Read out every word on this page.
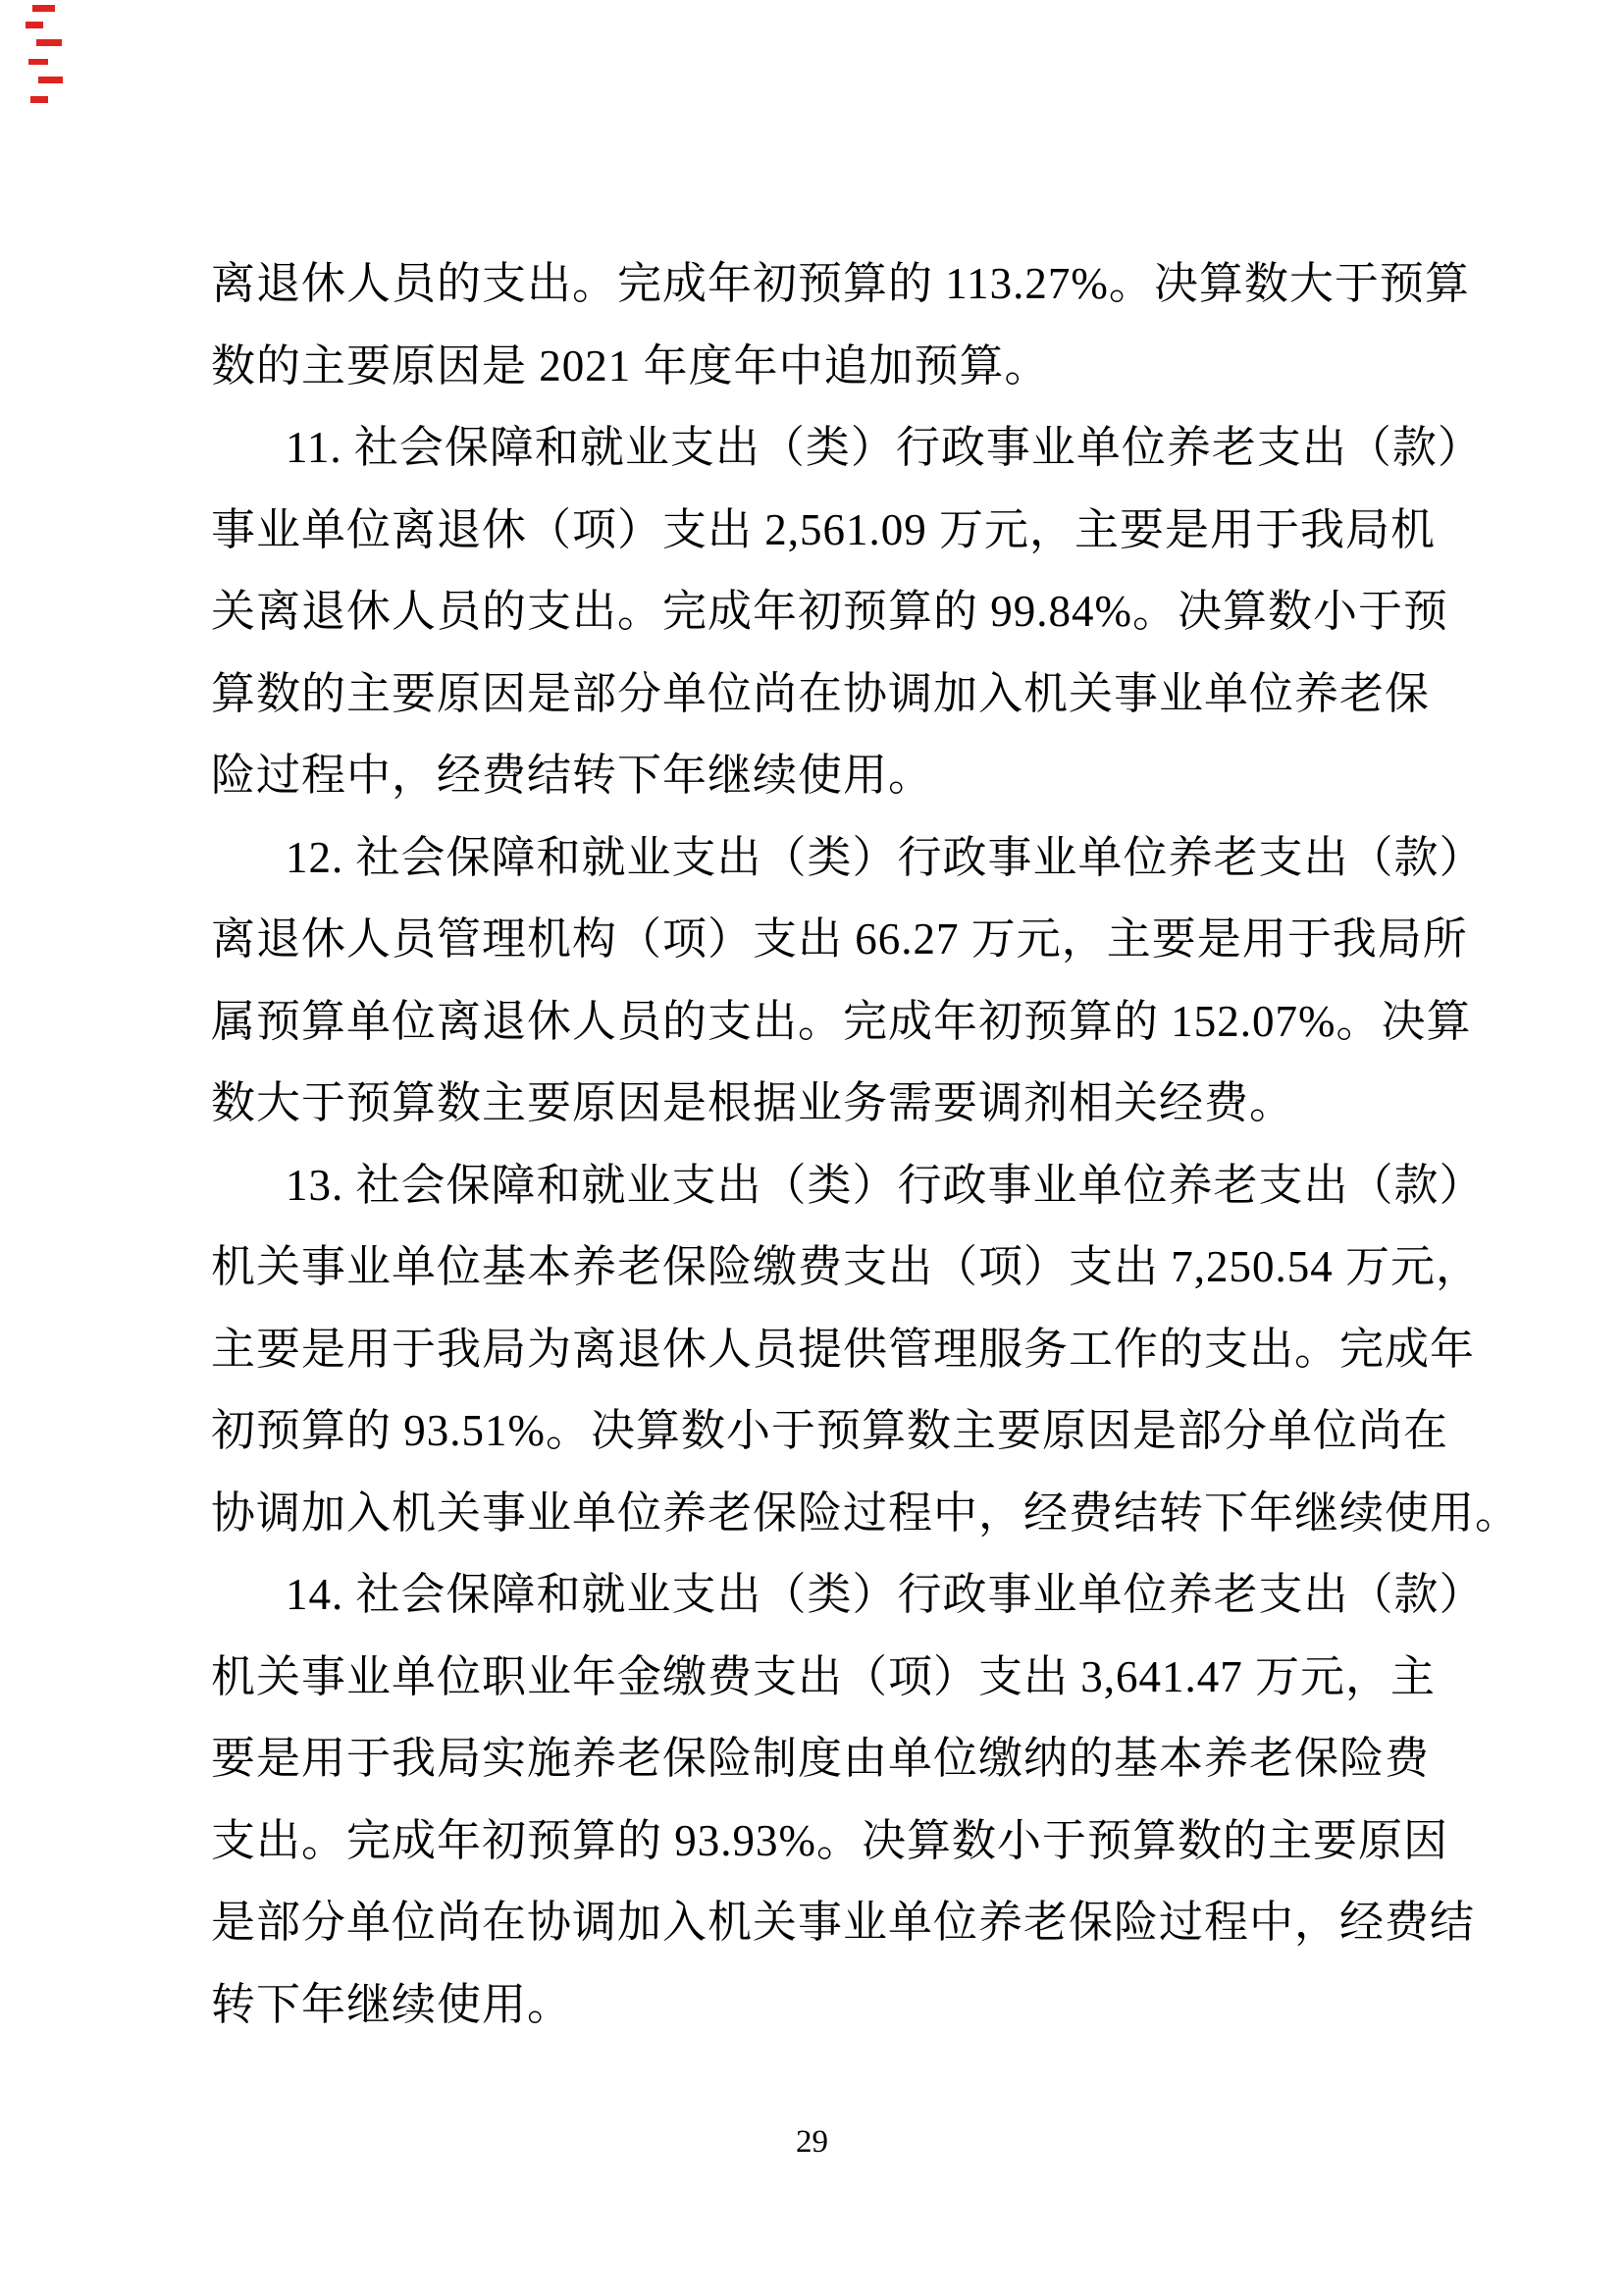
离退休人员的支出。完成年初预算的 113.27%。决算数大于预算
数的主要原因是 2021 年度年中追加预算。
11. 社会保障和就业支出（类）行政事业单位养老支出（款）
事业单位离退休（项）支出 2,561.09 万元，主要是用于我局机
关离退休人员的支出。完成年初预算的 99.84%。决算数小于预
算数的主要原因是部分单位尚在协调加入机关事业单位养老保
险过程中，经费结转下年继续使用。
12. 社会保障和就业支出（类）行政事业单位养老支出（款）
离退休人员管理机构（项）支出 66.27 万元，主要是用于我局所
属预算单位离退休人员的支出。完成年初预算的 152.07%。决算
数大于预算数主要原因是根据业务需要调剂相关经费。
13. 社会保障和就业支出（类）行政事业单位养老支出（款）
机关事业单位基本养老保险缴费支出（项）支出 7,250.54 万元，
主要是用于我局为离退休人员提供管理服务工作的支出。完成年
初预算的 93.51%。决算数小于预算数主要原因是部分单位尚在
协调加入机关事业单位养老保险过程中，经费结转下年继续使用。
14. 社会保障和就业支出（类）行政事业单位养老支出（款）
机关事业单位职业年金缴费支出（项）支出 3,641.47 万元，主
要是用于我局实施养老保险制度由单位缴纳的基本养老保险费
支出。完成年初预算的 93.93%。决算数小于预算数的主要原因
是部分单位尚在协调加入机关事业单位养老保险过程中，经费结
转下年继续使用。
29
